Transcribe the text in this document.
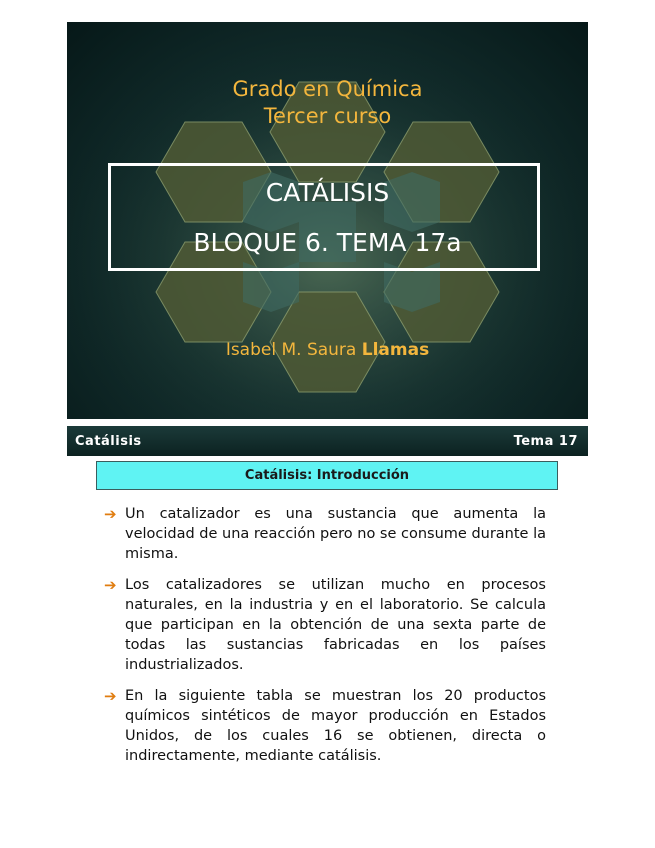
Grado en Química
Tercer curso
CATÁLISIS
BLOQUE 6. TEMA 17a
Isabel M. Saura Llamas
Catálisis	Tema 17
Catálisis: Introducción
➔ Un catalizador es una sustancia que aumenta la velocidad de una reacción pero no se consume durante la misma.
➔ Los catalizadores se utilizan mucho en procesos naturales, en la industria y en el laboratorio. Se calcula que participan en la obtención de una sexta parte de todas las sustancias fabricadas en los países industrializados.
➔ En la siguiente tabla se muestran los 20 productos químicos sintéticos de mayor producción en Estados Unidos, de los cuales 16 se obtienen, directa o indirectamente, mediante catálisis.
